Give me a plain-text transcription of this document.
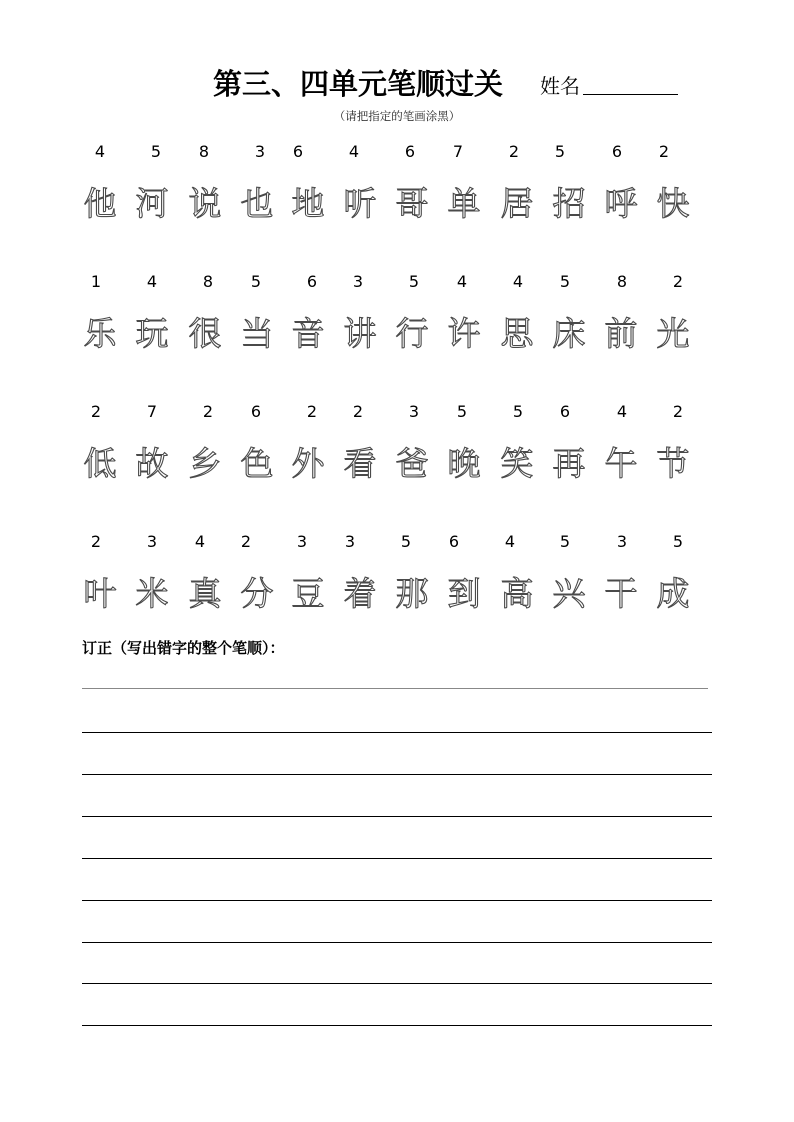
第三、四单元笔顺过关 姓名
（请把指定的笔画涂黑）
4	5	8	3	6	4	6	7	2	5	6	2
他 河 说 也 地 听 哥 单 居 招 呼 快
1	4	8	5	6	3	5	4	4	5	8	2
乐 玩 很 当 音 讲 行 许 思 床 前 光
2	7	2	6	2	2	3	5	5	6	4	2
低 故 乡 色 外 看 爸 晚 笑 再 午 节
2	3	4	2	3	3	5	6	4	5	3	5
叶 米 真 分 豆 着 那 到 高 兴 干 成
订正（写出错字的整个笔顺）：
